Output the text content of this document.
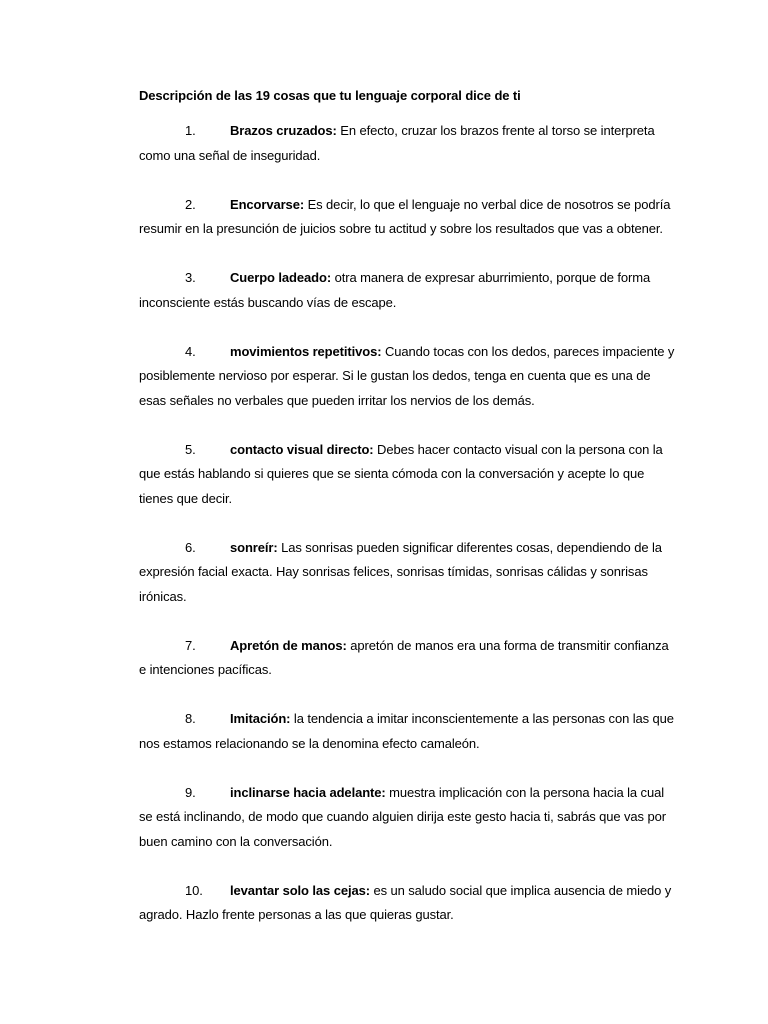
Descripción de las 19 cosas que tu lenguaje corporal dice de ti
1.	Brazos cruzados: En efecto, cruzar los brazos frente al torso se interpreta como una señal de inseguridad.
2.	Encorvarse: Es decir, lo que el lenguaje no verbal dice de nosotros se podría resumir en la presunción de juicios sobre tu actitud y sobre los resultados que vas a obtener.
3.	Cuerpo ladeado: otra manera de expresar aburrimiento, porque de forma inconsciente estás buscando vías de escape.
4.	movimientos repetitivos: Cuando tocas con los dedos, pareces impaciente y posiblemente nervioso por esperar. Si le gustan los dedos, tenga en cuenta que es una de esas señales no verbales que pueden irritar los nervios de los demás.
5.	contacto visual directo: Debes hacer contacto visual con la persona con la que estás hablando si quieres que se sienta cómoda con la conversación y acepte lo que tienes que decir.
6.	sonreír: Las sonrisas pueden significar diferentes cosas, dependiendo de la expresión facial exacta. Hay sonrisas felices, sonrisas tímidas, sonrisas cálidas y sonrisas irónicas.
7.	Apretón de manos: apretón de manos era una forma de transmitir confianza e intenciones pacíficas.
8.	Imitación: la tendencia a imitar inconscientemente a las personas con las que nos estamos relacionando se la denomina efecto camaleón.
9.	inclinarse hacia adelante: muestra implicación con la persona hacia la cual se está inclinando, de modo que cuando alguien dirija este gesto hacia ti, sabrás que vas por buen camino con la conversación.
10. levantar solo las cejas: es un saludo social que implica ausencia de miedo y agrado. Hazlo frente personas a las que quieras gustar.
